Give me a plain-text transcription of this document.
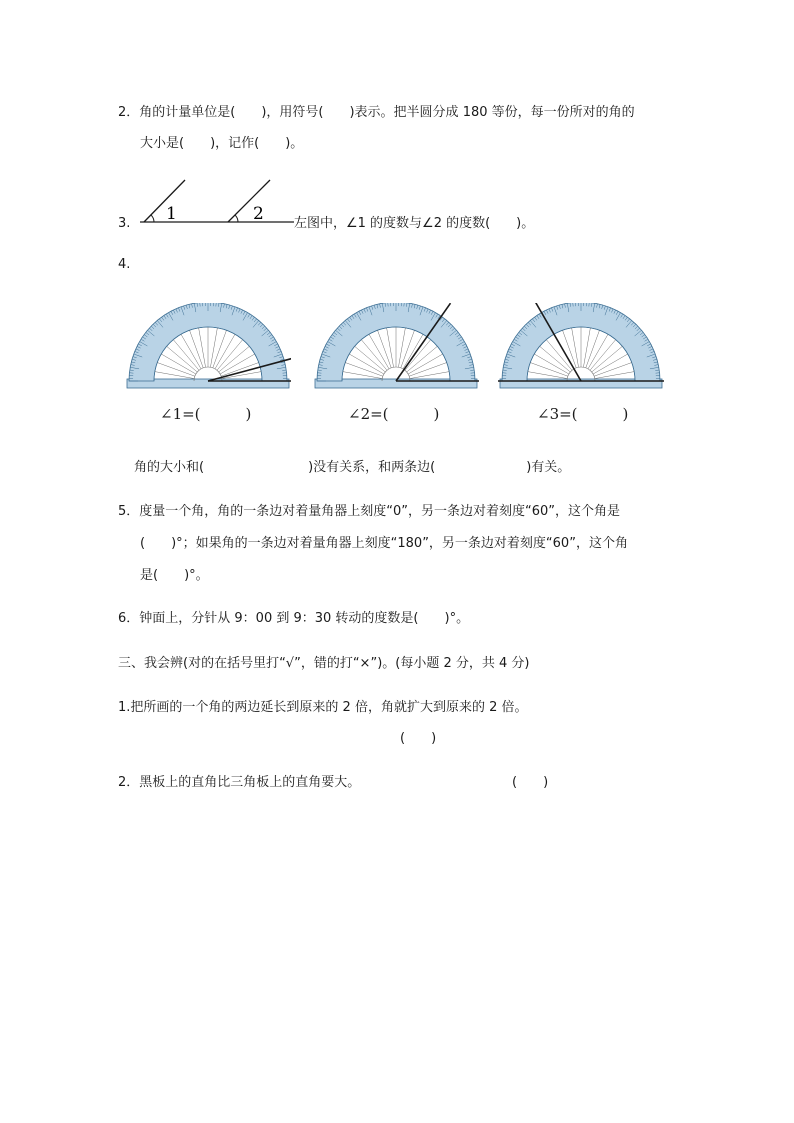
2．角的计量单位是(　　)，用符号(　　)表示。把半圆分成 180 等份，每一份所对的角的
大小是(　　)，记作(　　)。
3. 1	2 左图中，∠1 的度数与∠2 的度数(　　)。
4.
∠1=(　　　)	∠2=(　　　)	∠3=(　　　)
角的大小和(　　　　　　　　)没有关系，和两条边(　　　　　　　)有关。
5．度量一个角，角的一条边对着量角器上刻度“0”，另一条边对着刻度“60”，这个角是
(　　)°；如果角的一条边对着量角器上刻度“180”，另一条边对着刻度“60”，这个角
是(　　)°。
6．钟面上，分针从 9：00 到 9：30 转动的度数是(　　)°。
三、我会辨(对的在括号里打“√”，错的打“×”)。(每小题 2 分，共 4 分)
1.把所画的一个角的两边延长到原来的 2 倍，角就扩大到原来的 2 倍。
(　　)
2．黑板上的直角比三角板上的直角要大。	(　　)
